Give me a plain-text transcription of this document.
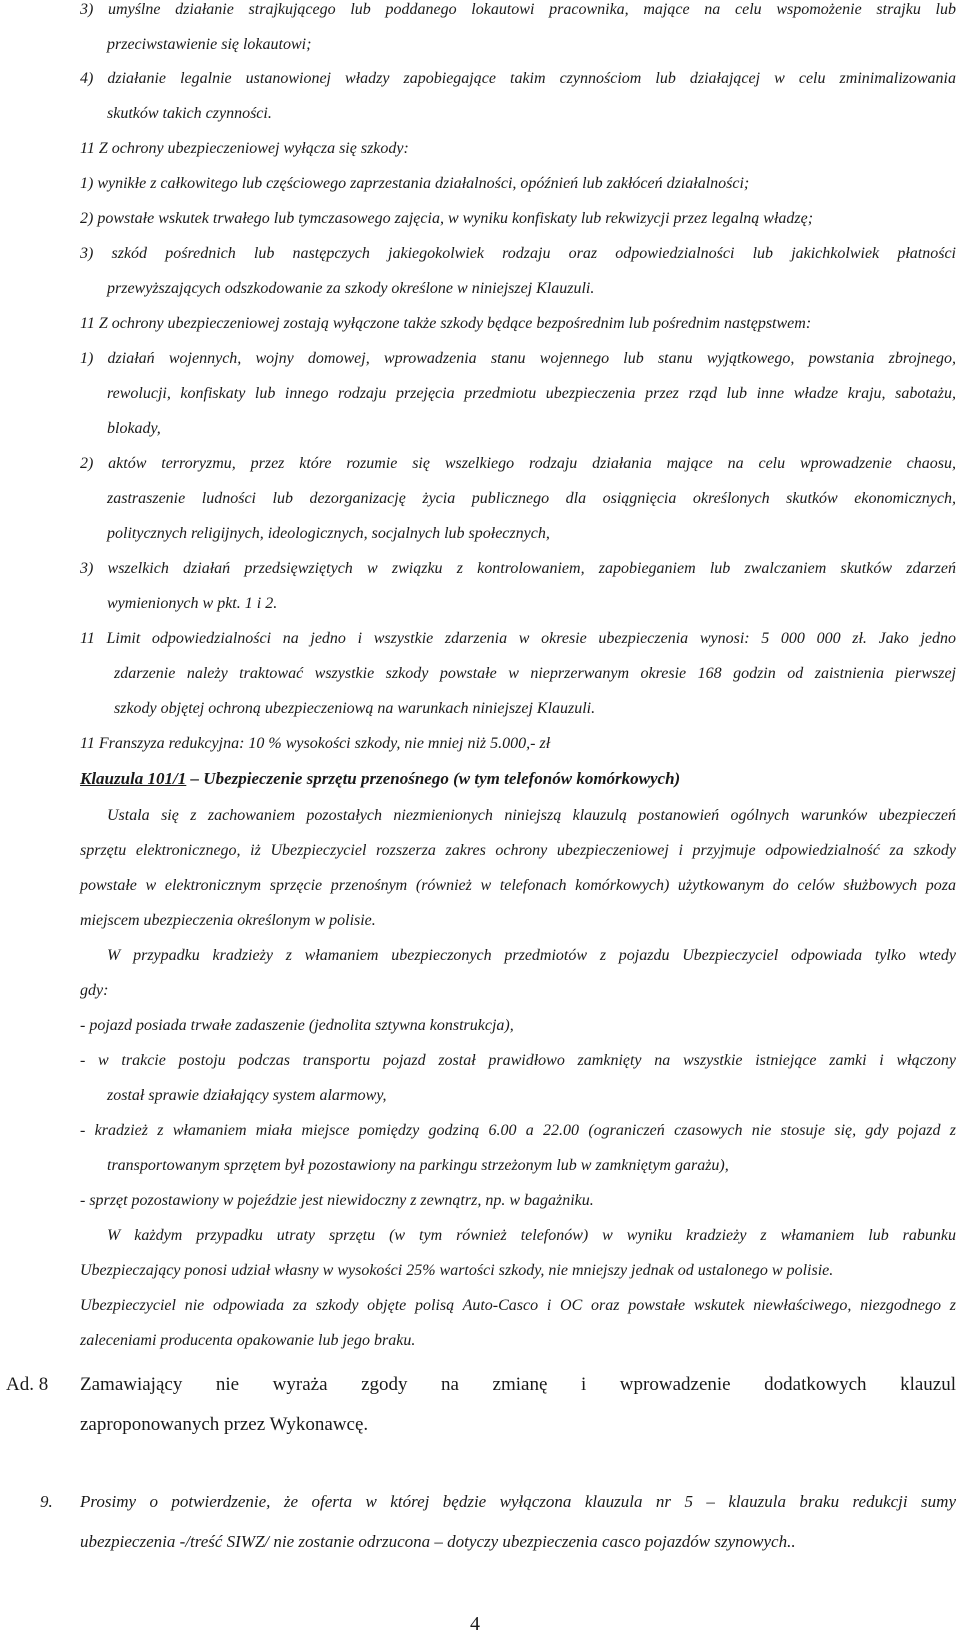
3) umyślne działanie strajkującego lub poddanego lokautowi pracownika, mające na celu wspomożenie strajku lub
przeciwstawienie się lokautowi;
4) działanie legalnie ustanowionej władzy zapobiegające takim czynnościom lub działającej w celu zminimalizowania
skutków takich czynności.
11 Z ochrony ubezpieczeniowej wyłącza się szkody:
1) wynikłe z całkowitego lub częściowego zaprzestania działalności, opóźnień lub zakłóceń działalności;
2) powstałe wskutek trwałego lub tymczasowego zajęcia, w wyniku konfiskaty lub rekwizycji przez legalną władzę;
3) szkód pośrednich lub następczych jakiegokolwiek rodzaju oraz odpowiedzialności lub jakichkolwiek płatności
przewyższających odszkodowanie za szkody określone w niniejszej Klauzuli.
11 Z ochrony ubezpieczeniowej zostają wyłączone także szkody będące bezpośrednim lub pośrednim następstwem:
1) działań wojennych, wojny domowej, wprowadzenia stanu wojennego lub stanu wyjątkowego, powstania zbrojnego,
rewolucji, konfiskaty lub innego rodzaju przejęcia przedmiotu ubezpieczenia przez rząd lub inne władze kraju, sabotażu,
blokady,
2) aktów terroryzmu, przez które rozumie się wszelkiego rodzaju działania mające na celu wprowadzenie chaosu,
zastraszenie ludności lub dezorganizację życia publicznego dla osiągnięcia określonych skutków ekonomicznych,
politycznych religijnych, ideologicznych, socjalnych lub społecznych,
3) wszelkich działań przedsięwziętych w związku z kontrolowaniem, zapobieganiem lub zwalczaniem skutków zdarzeń
wymienionych w pkt. 1 i 2.
11 Limit odpowiedzialności na jedno i wszystkie zdarzenia w okresie ubezpieczenia wynosi: 5 000 000 zł. Jako jedno
zdarzenie należy traktować wszystkie szkody powstałe w nieprzerwanym okresie 168 godzin od zaistnienia pierwszej
szkody objętej ochroną ubezpieczeniową na warunkach niniejszej Klauzuli.
11 Franszyza redukcyjna: 10 % wysokości szkody, nie mniej niż 5.000,- zł
Klauzula 101/1 – Ubezpieczenie sprzętu przenośnego (w tym telefonów komórkowych)
Ustala się z zachowaniem pozostałych niezmienionych niniejszą klauzulą postanowień ogólnych warunków ubezpieczeń
sprzętu elektronicznego, iż Ubezpieczyciel rozszerza zakres ochrony ubezpieczeniowej i przyjmuje odpowiedzialność za szkody
powstałe w elektronicznym sprzęcie przenośnym (również w telefonach komórkowych) użytkowanym do celów służbowych poza
miejscem ubezpieczenia określonym w polisie.
W przypadku kradzieży z włamaniem ubezpieczonych przedmiotów z pojazdu Ubezpieczyciel odpowiada tylko wtedy
gdy:
- pojazd posiada trwałe zadaszenie (jednolita sztywna konstrukcja),
- w trakcie postoju podczas transportu pojazd został prawidłowo zamknięty na wszystkie istniejące zamki i włączony
został sprawie działający system alarmowy,
- kradzież z włamaniem miała miejsce pomiędzy godziną 6.00 a 22.00 (ograniczeń czasowych nie stosuje się, gdy pojazd z
transportowanym sprzętem był pozostawiony na parkingu strzeżonym lub w zamkniętym garażu),
- sprzęt pozostawiony w pojeździe jest niewidoczny z zewnątrz, np. w bagażniku.
W każdym przypadku utraty sprzętu (w tym również telefonów) w wyniku kradzieży z włamaniem lub rabunku
Ubezpieczający ponosi udział własny w wysokości 25% wartości szkody, nie mniejszy jednak od ustalonego w polisie.
Ubezpieczyciel nie odpowiada za szkody objęte polisą Auto-Casco i OC oraz powstałe wskutek niewłaściwego, niezgodnego z
zaleceniami producenta opakowanie lub jego braku.
Ad. 8 Zamawiający nie wyraża zgody na zmianę i wprowadzenie dodatkowych klauzul
zaproponowanych przez Wykonawcę.
9. Prosimy o potwierdzenie, że oferta w której będzie wyłączona klauzula nr 5 – klauzula braku redukcji sumy
ubezpieczenia -/treść SIWZ/ nie zostanie odrzucona – dotyczy ubezpieczenia casco pojazdów szynowych..
4
